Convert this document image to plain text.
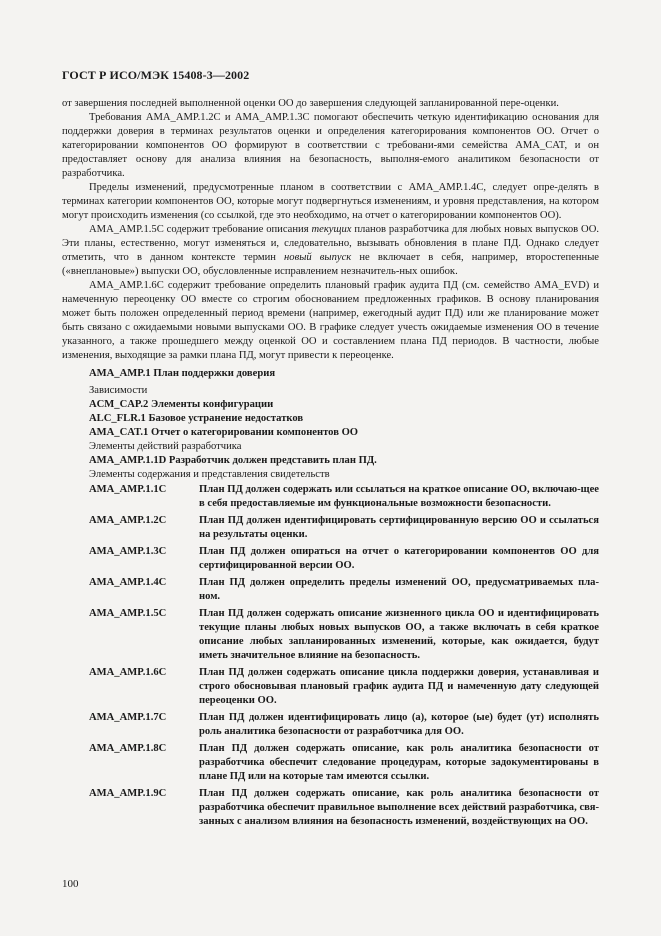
ГОСТ Р ИСО/МЭК 15408-3—2002

от завершения последней выполненной оценки ОО до завершения следующей запланированной пере-оценки.

Требования AMA_AMP.1.2C и AMA_AMP.1.3C помогают обеспечить четкую идентификацию основания для поддержки доверия в терминах результатов оценки и определения категорирования компонентов ОО. Отчет о категорировании компонентов ОО формируют в соответствии с требовани-ями семейства AMA_CAT, и он предоставляет основу для анализа влияния на безопасность, выполня-емого аналитиком безопасности от разработчика.

Пределы изменений, предусмотренные планом в соответствии с AMA_AMP.1.4C, следует опре-делять в терминах категории компонентов ОО, которые могут подвергнуться изменениям, и уровня представления, на котором могут происходить изменения (со ссылкой, где это необходимо, на отчет о категорировании компонентов ОО).

AMA_AMP.1.5C содержит требование описания текущих планов разработчика для любых новых выпусков ОО. Эти планы, естественно, могут изменяться и, следовательно, вызывать обновления в плане ПД. Однако следует отметить, что в данном контексте термин новый выпуск не включает в себя, например, второстепенные («внеплановые») выпуски ОО, обусловленные исправлением незначитель-ных ошибок.

AMA_AMP.1.6C содержит требование определить плановый график аудита ПД (см. семейство AMA_EVD) и намеченную переоценку ОО вместе со строгим обоснованием предложенных графиков. В основу планирования может быть положен определенный период времени (например, ежегодный аудит ПД) или же планирование может быть связано с ожидаемыми новыми выпусками ОО. В графике следует учесть ожидаемые изменения ОО в течение указанного, а также прошедшего между оценкой ОО и составлением плана ПД периодов. В частности, любые изменения, выходящие за рамки плана ПД, могут привести к переоценке.

AMA_AMP.1 План поддержки доверия
Зависимости
ACM_CAP.2 Элементы конфигурации
ALC_FLR.1 Базовое устранение недостатков
AMA_CAT.1 Отчет о категорировании компонентов ОО
Элементы действий разработчика
AMA_AMP.1.1D Разработчик должен представить план ПД.
Элементы содержания и представления свидетельств
AMA_AMP.1.1C	План ПД должен содержать или ссылаться на краткое описание ОО, включаю-щее в себя предоставляемые им функциональные возможности безопасности.
AMA_AMP.1.2C	План ПД должен идентифицировать сертифицированную версию ОО и ссылаться на результаты оценки.
AMA_AMP.1.3C	План ПД должен опираться на отчет о категорировании компонентов ОО для сертифицированной версии ОО.
AMA_AMP.1.4C	План ПД должен определить пределы изменений ОО, предусматриваемых пла-ном.
AMA_AMP.1.5C	План ПД должен содержать описание жизненного цикла ОО и идентифицировать текущие планы любых новых выпусков ОО, а также включать в себя краткое описание любых запланированных изменений, которые, как ожидается, будут иметь значительное влияние на безопасность.
AMA_AMP.1.6C	План ПД должен содержать описание цикла поддержки доверия, устанавливая и строго обосновывая плановый график аудита ПД и намеченную дату следующей переоценки ОО.
AMA_AMP.1.7C	План ПД должен идентифицировать лицо (а), которое (ые) будет (ут) исполнять роль аналитика безопасности от разработчика для ОО.
AMA_AMP.1.8C	План ПД должен содержать описание, как роль аналитика безопасности от разработчика обеспечит следование процедурам, которые задокументированы в плане ПД или на которые там имеются ссылки.
AMA_AMP.1.9C	План ПД должен содержать описание, как роль аналитика безопасности от разработчика обеспечит правильное выполнение всех действий разработчика, свя-занных с анализом влияния на безопасность изменений, воздействующих на ОО.
100
